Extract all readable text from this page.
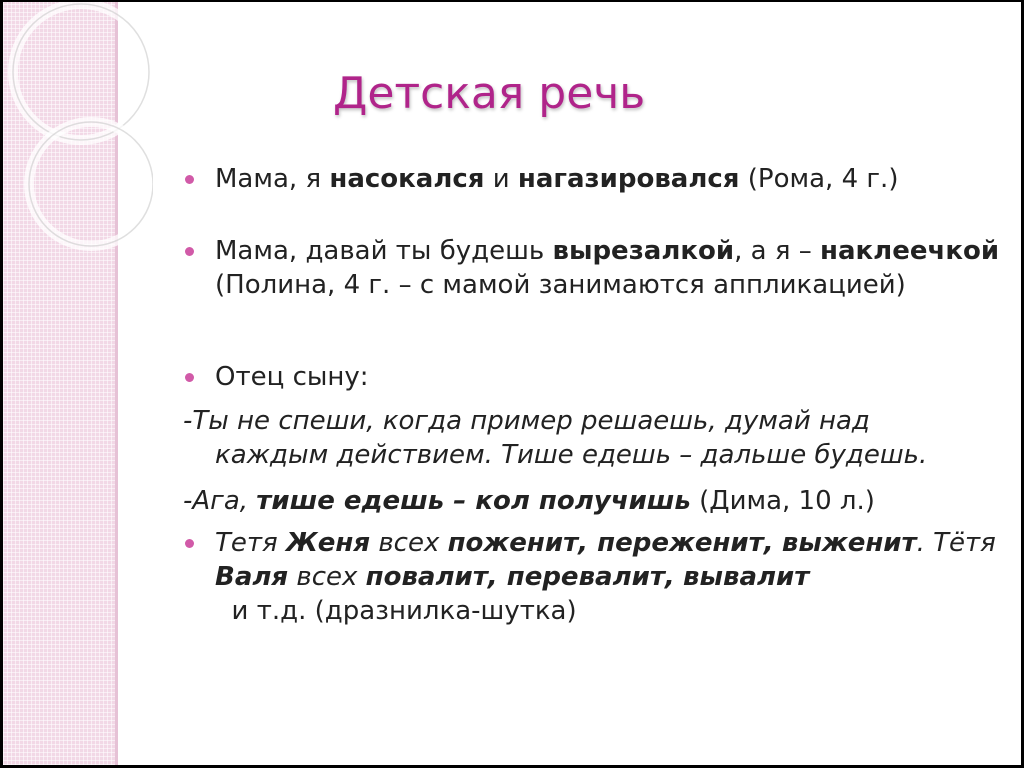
Детская речь

Мама, я насокался и нагазировался (Рома, 4 г.)

Мама, давай ты будешь вырезалкой, а я – наклеечкой (Полина, 4 г. – с мамой занимаются аппликацией)

Отец сыну:

-Ты не спеши, когда пример решаешь, думай над
каждым действием. Тише едешь – дальше будешь.

-Ага, тише едешь – кол получишь (Дима, 10 л.)

Тетя Женя всех поженит, переженит, выженит. Тётя Валя всех повалит, перевалит, вывалит  и т.д. (дразнилка-шутка)
